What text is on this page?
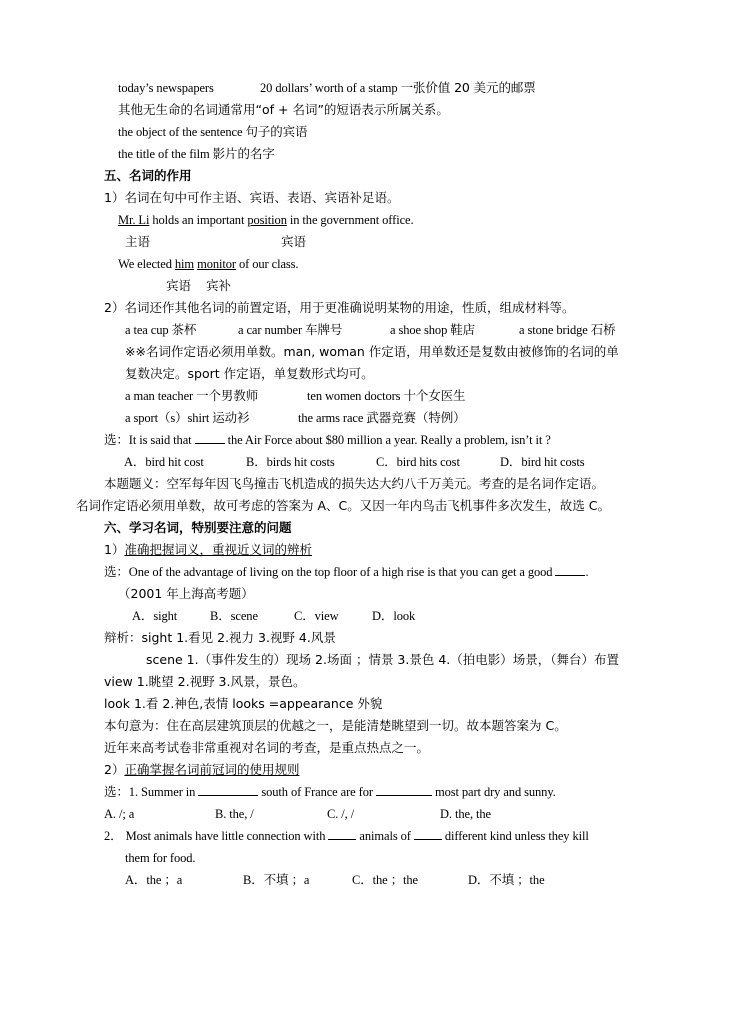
today’s newspapers	20 dollars’ worth of a stamp 一张价值 20 美元的邮票
其他无生命的名词通常用“of + 名词”的短语表示所属关系。
the object of the sentence 句子的宾语
the title of the film 影片的名字
五、名词的作用
1）名词在句中可作主语、宾语、表语、宾语补足语。
Mr. Li holds an important position in the government office.
主语	宾语
We elected him monitor of our class.
宾语 宾补
2）名词还作其他名词的前置定语，用于更准确说明某物的用途，性质，组成材料等。
a tea cup 茶杯	a car number 车牌号	a shoe shop 鞋店	a stone bridge 石桥
※※名词作定语必须用单数。man, woman 作定语，用单数还是复数由被修饰的名词的单
复数决定。sport 作定语，单复数形式均可。
a man teacher 一个男教师	ten women doctors 十个女医生
a sport（s）shirt 运动衫	the arms race 武器竞赛（特例）
选：It is said that  the Air Force about $80 million a year. Really a problem, isn’t it ?
A．bird hit cost	B．birds hit costs	C．bird hits cost	D．bird hit costs
本题题义：空军每年因飞鸟撞击飞机造成的损失达大约八千万美元。考查的是名词作定语。
名词作定语必须用单数，故可考虑的答案为 A、C。又因一年内鸟击飞机事件多次发生，故选 C。
六、学习名词，特别要注意的问题
1）准确把握词义，重视近义词的辨析
选：One of the advantage of living on the top floor of a high rise is that you can get a good .
（2001 年上海高考题）
A．sight	B．scene	C．view	D．look
辩析：sight 1.看见 2.视力 3.视野 4.风景
scene 1.（事件发生的）现场 2.场面 ；情景 3.景色 4.（拍电影）场景，（舞台）布置
view 1.眺望 2.视野 3.风景，景色。
look 1.看 2.神色,表情 looks =appearance 外貌
本句意为：住在高层建筑顶层的优越之一，是能清楚眺望到一切。故本题答案为 C。
近年来高考试卷非常重视对名词的考查，是重点热点之一。
2）正确掌握名词前冠词的使用规则
选：1. Summer in	south of France are for	most part dry and sunny.
A. /; a	B. the, /	C. /, /	D. the, the
2． Most animals have little connection with  animals of  different kind unless they kill
them for food.
A．the ；a	B．不填 ；a	C．the ；the	D．不填 ；the
